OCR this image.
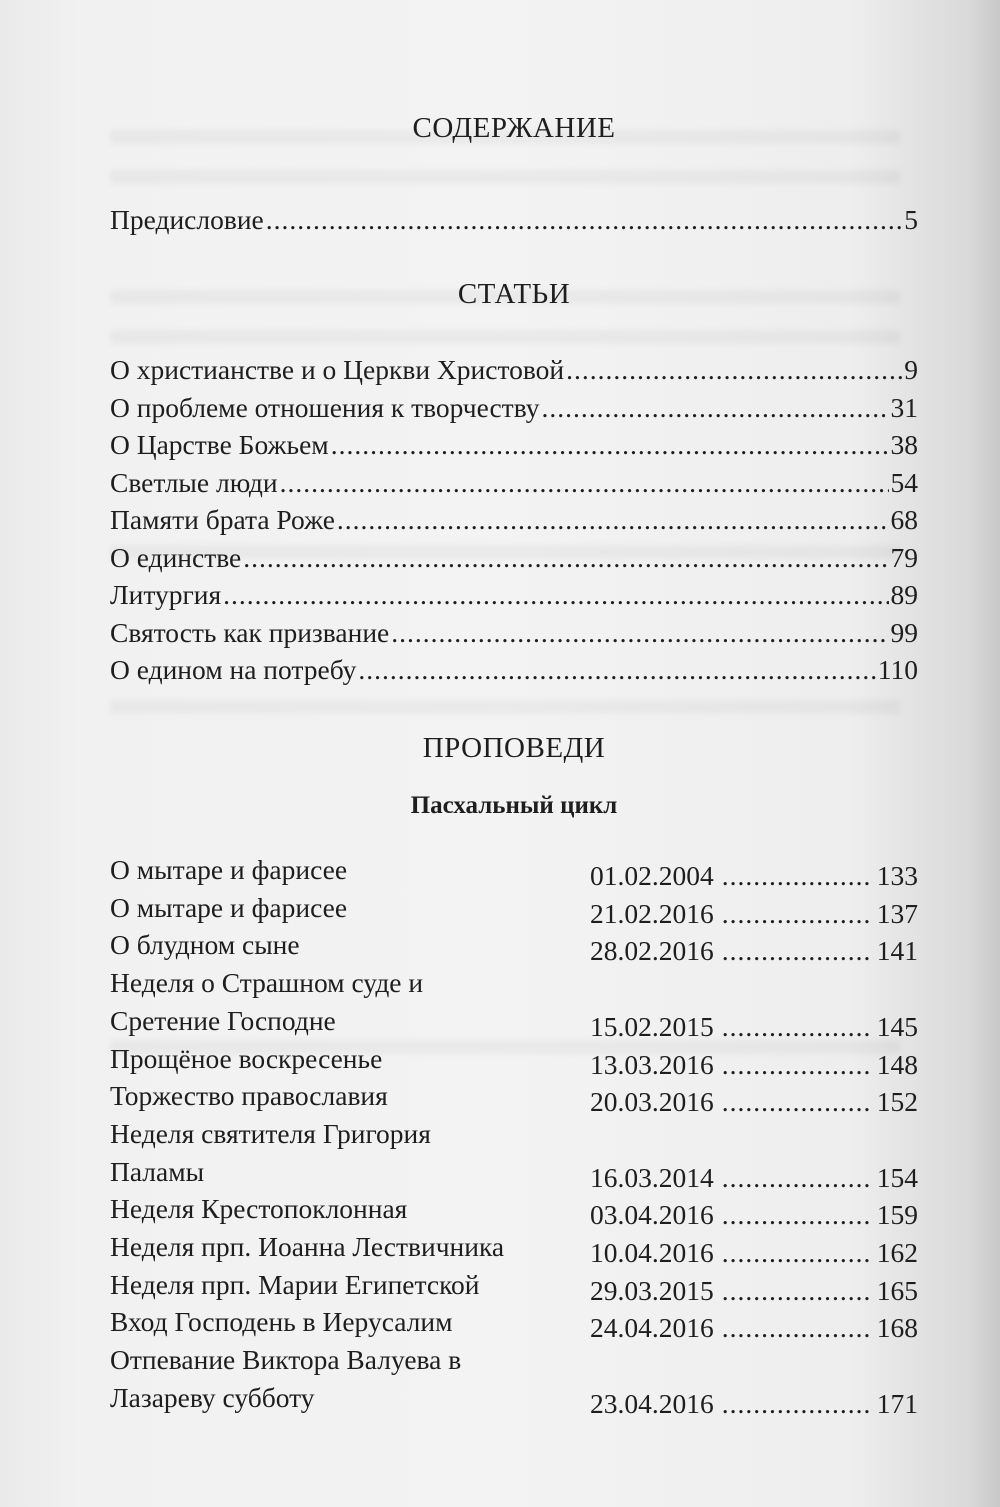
СОДЕРЖАНИЕ
Предисловие .....	5
СТАТЬИ
О христианстве и о Церкви Христовой .....	9
О проблеме отношения к творчеству .....	31
О Царстве Божьем .....	38
Светлые люди .....	54
Памяти брата Роже .....	68
О единстве .....	79
Литургия .....	89
Святость как призвание .....	99
О едином на потребу .....	110
ПРОПОВЕДИ
Пасхальный цикл
О мытаре и фарисее	01.02.2004 .....	133
О мытаре и фарисее	21.02.2016 .....	137
О блудном сыне	28.02.2016 .....	141
Неделя о Страшном суде и
Сретение Господне	15.02.2015 .....	145
Прощёное воскресенье	13.03.2016 .....	148
Торжество православия	20.03.2016 .....	152
Неделя святителя Григория
Паламы	16.03.2014 .....	154
Неделя Крестопоклонная	03.04.2016 .....	159
Неделя прп. Иоанна Лествичника	10.04.2016 .....	162
Неделя прп. Марии Египетской	29.03.2015 .....	165
Вход Господень в Иерусалим	24.04.2016 .....	168
Отпевание Виктора Валуева в
Лазареву субботу	23.04.2016 .....	171
